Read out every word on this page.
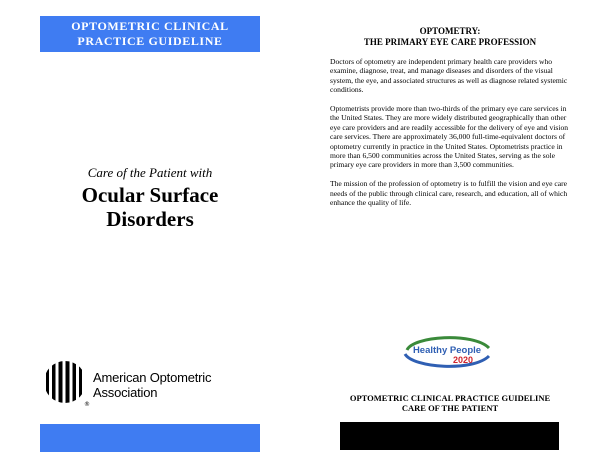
OPTOMETRIC CLINICAL
PRACTICE GUIDELINE
Care of the Patient with
Ocular Surface
Disorders
®
American Optometric Association
OPTOMETRY:
THE PRIMARY EYE CARE PROFESSION

Doctors of optometry are independent primary health care providers who examine, diagnose, treat, and manage diseases and disorders of the visual system, the eye, and associated structures as well as diagnose related systemic conditions.

Optometrists provide more than two-thirds of the primary eye care services in the United States. They are more widely distributed geographically than other eye care providers and are readily accessible for the delivery of eye and vision care services. There are approximately 36,000 full-time-equivalent doctors of optometry currently in practice in the United States. Optometrists practice in more than 6,500 communities across the United States, serving as the sole primary eye care providers in more than 3,500 communities.

The mission of the profession of optometry is to fulfill the vision and eye care needs of the public through clinical care, research, and education, all of which enhance the quality of life.

Healthy People
2020
OPTOMETRIC CLINICAL PRACTICE GUIDELINE
CARE OF THE PATIENT
